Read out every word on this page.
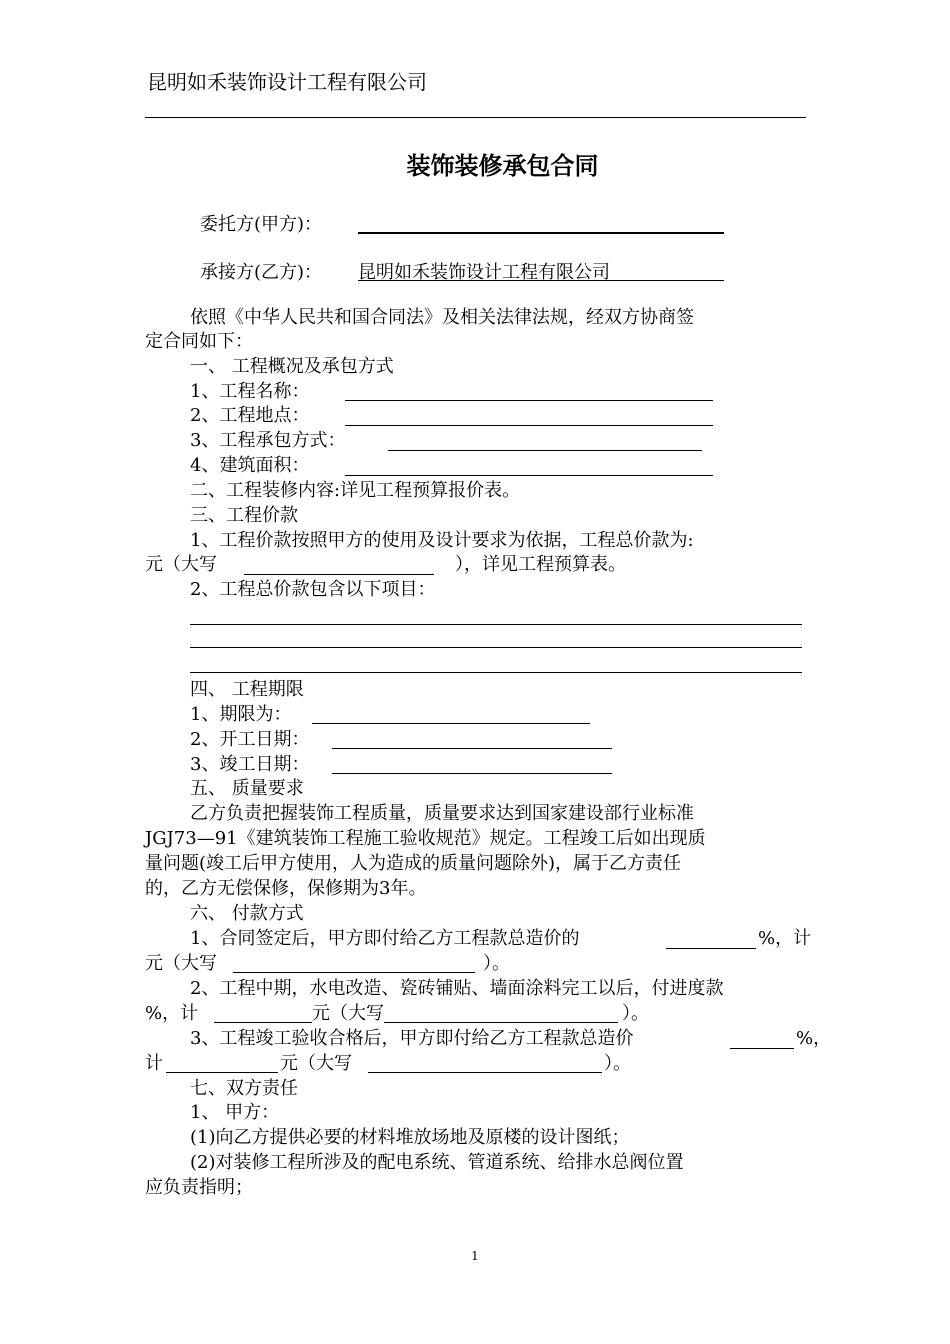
昆明如禾装饰设计工程有限公司
装饰装修承包合同
委托方(甲方)：
承接方(乙方)： 昆明如禾装饰设计工程有限公司
依照《中华人民共和国合同法》及相关法律法规，经双方协商签
定合同如下：
一、 工程概况及承包方式
1、工程名称：
2、工程地点：
3、工程承包方式：
4、建筑面积：
二、工程装修内容:详见工程预算报价表。
三、工程价款
1、工程价款按照甲方的使用及设计要求为依据，工程总价款为:
元（大写	），详见工程预算表。
2、工程总价款包含以下项目：
四、 工程期限
1、期限为：
2、开工日期：
3、竣工日期：
五、 质量要求
乙方负责把握装饰工程质量，质量要求达到国家建设部行业标准
JGJ73—91《建筑装饰工程施工验收规范》规定。工程竣工后如出现质
量问题(竣工后甲方使用，人为造成的质量问题除外)，属于乙方责任
的，乙方无偿保修，保修期为3年。
六、 付款方式
1、合同签定后，甲方即付给乙方工程款总造价的	%，计
元（大写	）。
2、工程中期，水电改造、瓷砖铺贴、墙面涂料完工以后，付进度款
%，计	元（大写	）。
3、工程竣工验收合格后，甲方即付给乙方工程款总造价	%，
计	元（大写	）。
七、双方责任
1、 甲方：
(1)向乙方提供必要的材料堆放场地及原楼的设计图纸；
(2)对装修工程所涉及的配电系统、管道系统、给排水总阀位置
应负责指明；
1
